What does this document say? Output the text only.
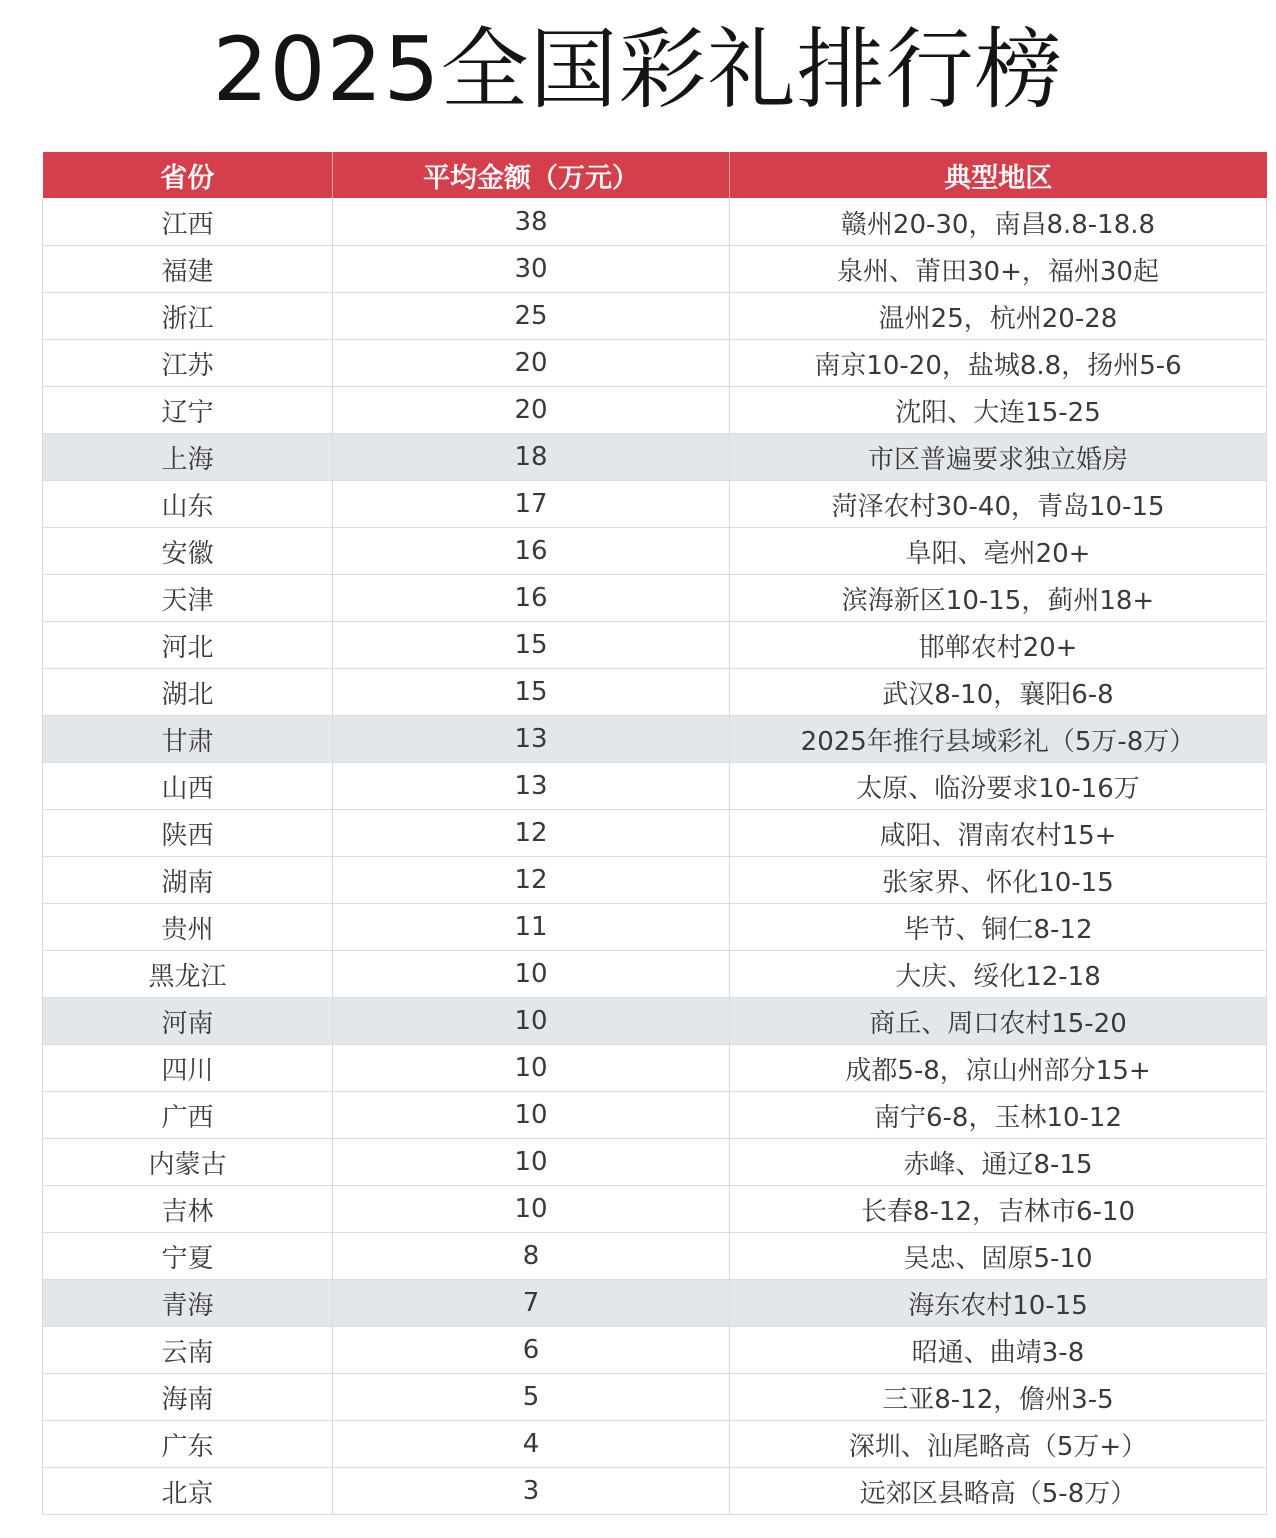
2025全国彩礼排行榜
省份	平均金额（万元）	典型地区
江西	38	赣州20-30，南昌8.8-18.8
福建	30	泉州、莆田30+，福州30起
浙江	25	温州25，杭州20-28
江苏	20	南京10-20，盐城8.8，扬州5-6
辽宁	20	沈阳、大连15-25
上海	18	市区普遍要求独立婚房
山东	17	菏泽农村30-40，青岛10-15
安徽	16	阜阳、亳州20+
天津	16	滨海新区10-15，蓟州18+
河北	15	邯郸农村20+
湖北	15	武汉8-10，襄阳6-8
甘肃	13	2025年推行县域彩礼（5万-8万）
山西	13	太原、临汾要求10-16万
陕西	12	咸阳、渭南农村15+
湖南	12	张家界、怀化10-15
贵州	11	毕节、铜仁8-12
黑龙江	10	大庆、绥化12-18
河南	10	商丘、周口农村15-20
四川	10	成都5-8，凉山州部分15+
广西	10	南宁6-8，玉林10-12
内蒙古	10	赤峰、通辽8-15
吉林	10	长春8-12，吉林市6-10
宁夏	8	吴忠、固原5-10
青海	7	海东农村10-15
云南	6	昭通、曲靖3-8
海南	5	三亚8-12，儋州3-5
广东	4	深圳、汕尾略高（5万+）
北京	3	远郊区县略高（5-8万）
